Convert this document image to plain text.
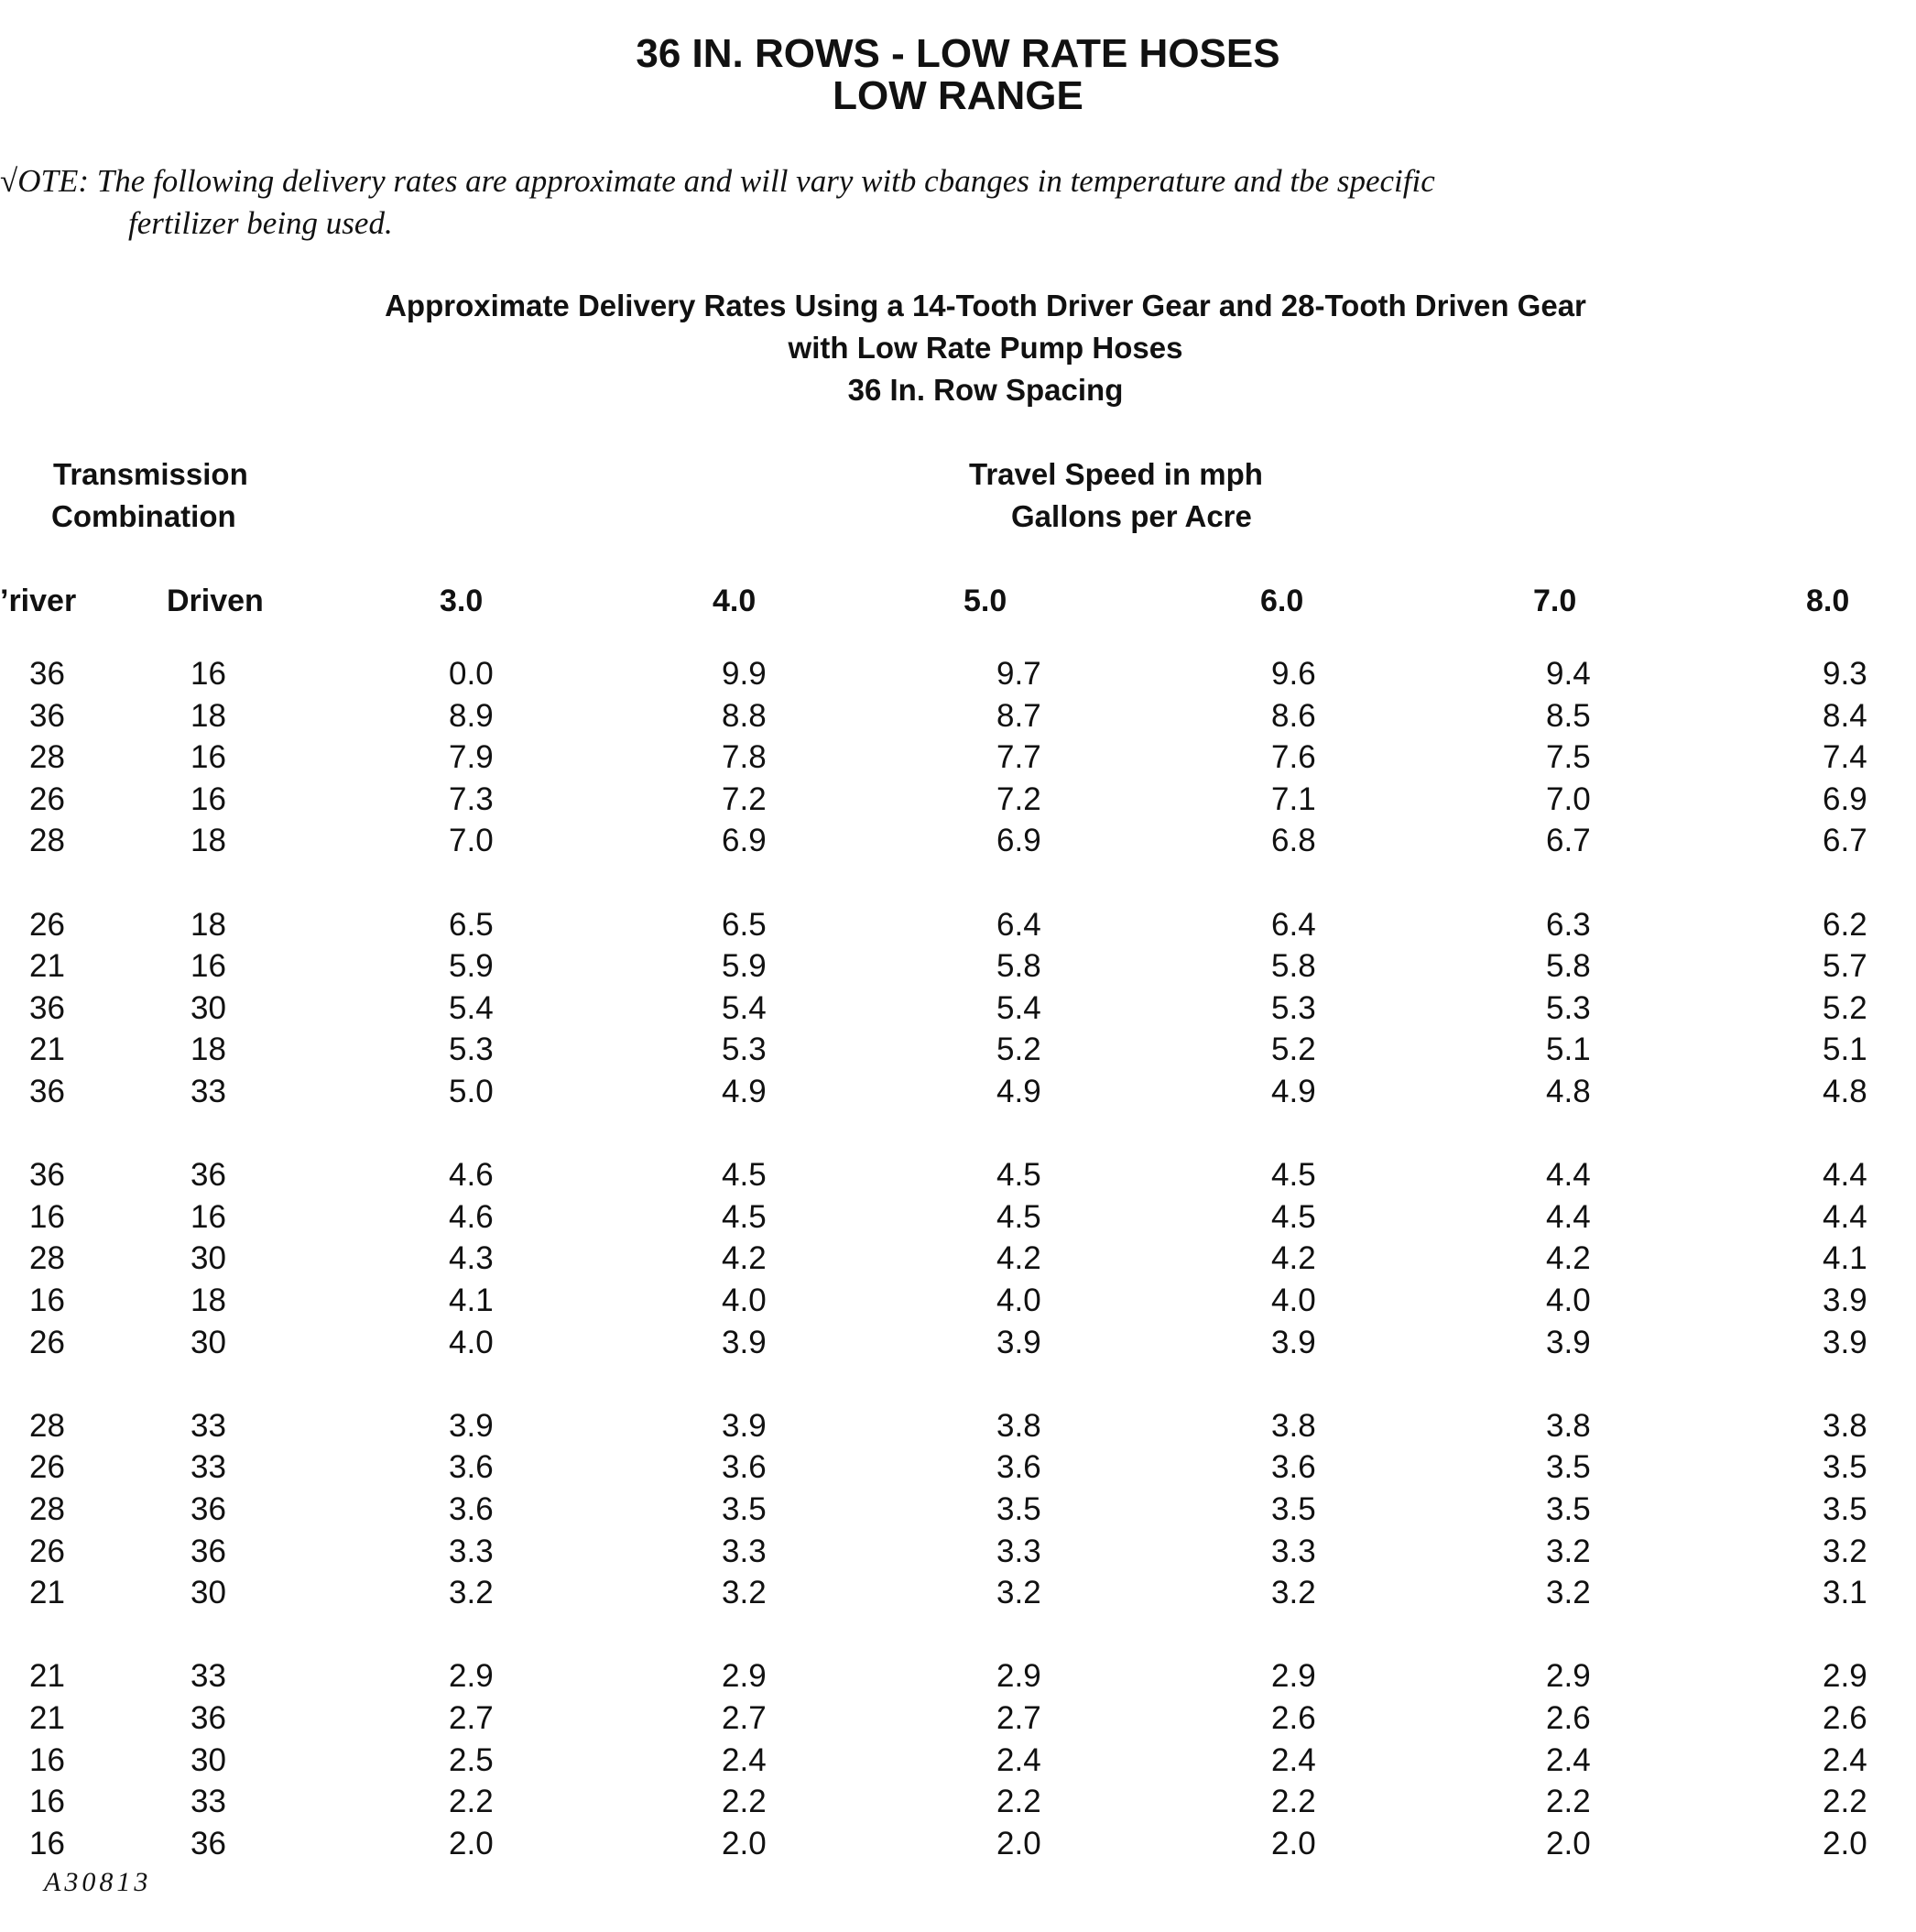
36 IN. ROWS - LOW RATE HOSES
LOW RANGE
√OTE: The following delivery rates are approximate and will vary witb cbanges in temperature and tbe specific
fertilizer being used.
Approximate Delivery Rates Using a 14-Tooth Driver Gear and 28-Tooth Driven Gear
with Low Rate Pump Hoses
36 In. Row Spacing
Transmission
Combination
Travel Speed in mph
Gallons per Acre
’river	Driven	3.0	4.0	5.0	6.0	7.0	8.0
36	16	0.0	9.9	9.7	9.6	9.4	9.3
36	18	8.9	8.8	8.7	8.6	8.5	8.4
28	16	7.9	7.8	7.7	7.6	7.5	7.4
26	16	7.3	7.2	7.2	7.1	7.0	6.9
28	18	7.0	6.9	6.9	6.8	6.7	6.7
26	18	6.5	6.5	6.4	6.4	6.3	6.2
21	16	5.9	5.9	5.8	5.8	5.8	5.7
36	30	5.4	5.4	5.4	5.3	5.3	5.2
21	18	5.3	5.3	5.2	5.2	5.1	5.1
36	33	5.0	4.9	4.9	4.9	4.8	4.8
36	36	4.6	4.5	4.5	4.5	4.4	4.4
16	16	4.6	4.5	4.5	4.5	4.4	4.4
28	30	4.3	4.2	4.2	4.2	4.2	4.1
16	18	4.1	4.0	4.0	4.0	4.0	3.9
26	30	4.0	3.9	3.9	3.9	3.9	3.9
28	33	3.9	3.9	3.8	3.8	3.8	3.8
26	33	3.6	3.6	3.6	3.6	3.5	3.5
28	36	3.6	3.5	3.5	3.5	3.5	3.5
26	36	3.3	3.3	3.3	3.3	3.2	3.2
21	30	3.2	3.2	3.2	3.2	3.2	3.1
21	33	2.9	2.9	2.9	2.9	2.9	2.9
21	36	2.7	2.7	2.7	2.6	2.6	2.6
16	30	2.5	2.4	2.4	2.4	2.4	2.4
16	33	2.2	2.2	2.2	2.2	2.2	2.2
16	36	2.0	2.0	2.0	2.0	2.0	2.0
A30813
